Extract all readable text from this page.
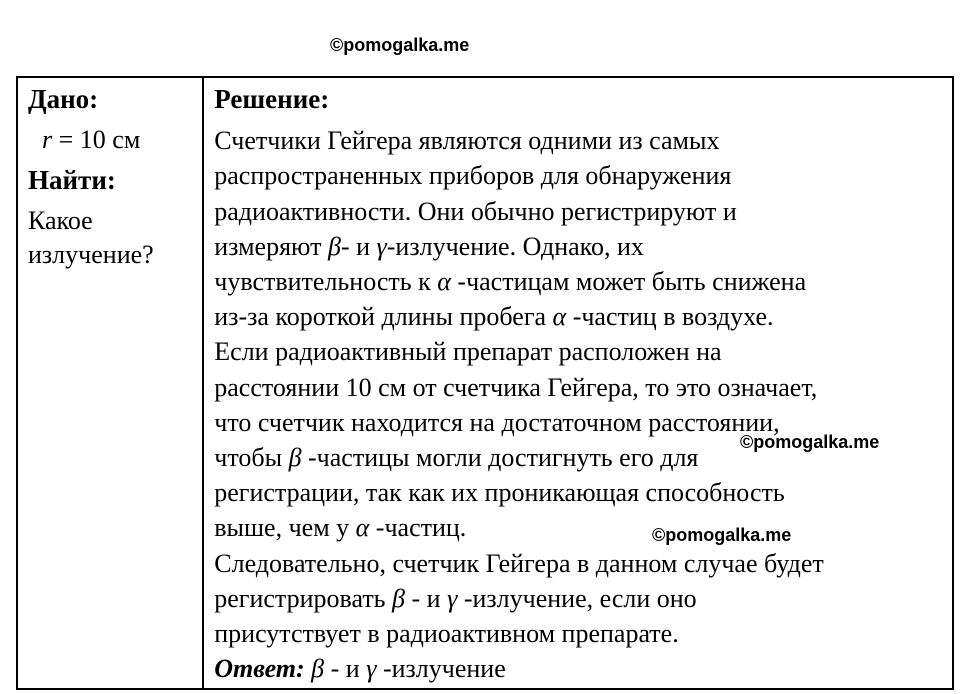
©pomogalka.me
Дано:
r = 10 см
Найти:
Какое
излучение?

Решение:
Счетчики Гейгера являются одними из самых
распространенных приборов для обнаружения
радиоактивности. Они обычно регистрируют и
измеряют β- и γ-излучение. Однако, их
чувствительность к α -частицам может быть снижена
из-за короткой длины пробега α -частиц в воздухе.
Если радиоактивный препарат расположен на
расстоянии 10 см от счетчика Гейгера, то это означает,
что счетчик находится на достаточном расстоянии,
чтобы β -частицы могли достигнуть его для
регистрации, так как их проникающая способность
выше, чем у α -частиц.
Следовательно, счетчик Гейгера в данном случае будет
регистрировать β - и γ -излучение, если оно
присутствует в радиоактивном препарате.
Ответ: β - и γ -излучение
©pomogalka.me
©pomogalka.me
